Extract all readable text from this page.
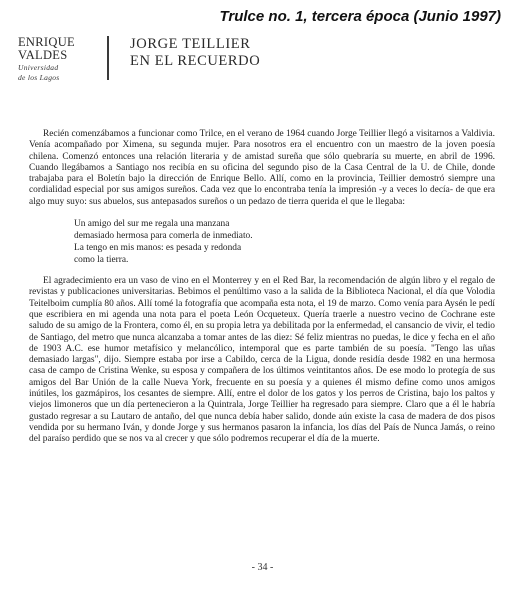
Trulce no. 1, tercera época (Junio 1997)
ENRIQUE
VALDES
Universidad
de los Lagos
JORGE TEILLIER
EN EL RECUERDO

Recién comenzábamos a funcionar como Trilce, en el verano de 1964 cuando Jorge Teillier llegó a visitarnos a Valdivia. Venía acompañado por Ximena, su segunda mujer. Para nosotros era el encuentro con un maestro de la joven poesía chilena. Comenzó entonces una relación literaria y de amistad sureña que sólo quebraría su muerte, en abril de 1996. Cuando llegábamos a Santiago nos recibía en su oficina del segundo piso de la Casa Central de la U. de Chile, donde trabajaba para el Boletín bajo la dirección de Enrique Bello. Allí, como en la provincia, Teillier demostró siempre una cordialidad especial por sus amigos sureños. Cada vez que lo encontraba tenía la impresión -y a veces lo decía- de que era algo muy suyo: sus abuelos, sus antepasados sureños o un pedazo de tierra querida el que le llegaba:

Un amigo del sur me regala una manzana
demasiado hermosa para comerla de inmediato.
La tengo en mis manos: es pesada y redonda
como la tierra.

El agradecimiento era un vaso de vino en el Monterrey y en el Red Bar, la recomendación de algún libro y el regalo de revistas y publicaciones universitarias. Bebimos el penúltimo vaso a la salida de la Biblioteca Nacional, el día que Volodia Teitelboim cumplía 80 años. Allí tomé la fotografía que acompaña esta nota, el 19 de marzo. Como venía para Aysén le pedí que escribiera en mi agenda una nota para el poeta León Ocqueteux. Quería traerle a nuestro vecino de Cochrane este saludo de su amigo de la Frontera, como él, en su propia letra ya debilitada por la enfermedad, el cansancio de vivir, el tedio de Santiago, del metro que nunca alcanzaba a tomar antes de las diez: Sé feliz mientras no puedas, le dice y fecha en el año de 1903 A.C. ese humor metafísico y melancólico, intemporal que es parte también de su poesía. "Tengo las uñas demasiado largas", dijo. Siempre estaba por irse a Cabildo, cerca de la Ligua, donde residía desde 1982 en una hermosa casa de campo de Cristina Wenke, su esposa y compañera de los últimos veintitantos años. De ese modo lo protegía de sus amigos del Bar Unión de la calle Nueva York, frecuente en su poesía y a quienes él mismo define como unos amigos inútiles, los gazmápiros, los cesantes de siempre. Allí, entre el dolor de los gatos y los perros de Cristina, bajo los paltos y viejos limoneros que un día pertenecieron a la Quintrala, Jorge Teillier ha regresado para siempre. Claro que a él le habría gustado regresar a su Lautaro de antaño, del que nunca debía haber salido, donde aún existe la casa de madera de dos pisos vendida por su hermano Iván, y donde Jorge y sus hermanos pasaron la infancia, los días del País de Nunca Jamás, o reino del paraíso perdido que se nos va al crecer y que sólo podremos recuperar el día de la muerte.

- 34 -
